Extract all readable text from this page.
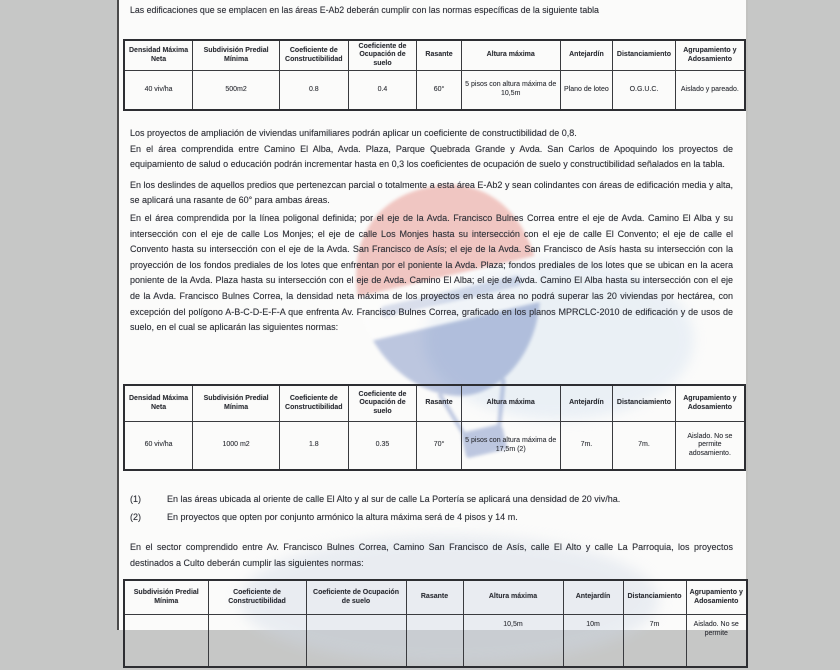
Las edificaciones que se emplacen en las áreas E-Ab2 deberán cumplir con las normas específicas de la siguiente tabla
Densidad Máxima Neta	Subdivisión Predial Mínima	Coeficiente de Constructibilidad	Coeficiente de Ocupación de suelo	Rasante	Altura máxima	Antejardín	Distanciamiento	Agrupamiento y Adosamiento
40 viv/ha	500m2	0.8	0.4	60°	5 pisos con altura máxima de 10,5m	Plano de loteo	O.G.U.C.	Aislado y pareado.
Los proyectos de ampliación de viviendas unifamiliares podrán aplicar un coeficiente de constructibilidad de 0,8.
En el área comprendida entre Camino El Alba, Avda. Plaza, Parque Quebrada Grande y Avda. San Carlos de Apoquindo los proyectos de equipamiento de salud o educación podrán incrementar hasta en 0,3 los coeficientes de ocupación de suelo y constructibilidad señalados en la tabla.
En los deslindes de aquellos predios que pertenezcan parcial o totalmente a esta área E-Ab2 y sean colindantes con áreas de edificación media y alta, se aplicará una rasante de 60° para ambas áreas.
En el área comprendida por la línea poligonal definida; por el eje de la Avda. Francisco Bulnes Correa entre el eje de Avda. Camino El Alba y su intersección con el eje de calle Los Monjes; el eje de calle Los Monjes hasta su intersección con el eje de calle El Convento; el eje de calle el Convento hasta su intersección con el eje de la Avda. San Francisco de Asís; el eje de la Avda. San Francisco de Asís hasta su intersección con la proyección de los fondos prediales de los lotes que enfrentan por el poniente la Avda. Plaza; fondos prediales de los lotes que se ubican en la acera poniente de la Avda. Plaza hasta su intersección con el eje de Avda. Camino El Alba; el eje de Avda. Camino El Alba hasta su intersección con el eje de la Avda. Francisco Bulnes Correa, la densidad neta máxima de los proyectos en esta área no podrá superar las 20 viviendas por hectárea, con excepción del polígono A-B-C-D-E-F-A que enfrenta Av. Francisco Bulnes Correa, graficado en los planos MPRCLC-2010 de edificación y de usos de suelo, en el cual se aplicarán las siguientes normas:
Densidad Máxima Neta	Subdivisión Predial Mínima	Coeficiente de Constructibilidad	Coeficiente de Ocupación de suelo	Rasante	Altura máxima	Antejardín	Distanciamiento	Agrupamiento y Adosamiento
60 viv/ha	1000 m2	1.8	0.35	70°	5 pisos con altura máxima de 17,5m (2)	7m.	7m.	Aislado. No se permite adosamiento.
(1)	En las áreas ubicada al oriente de calle El Alto y al sur de calle La Portería se aplicará una densidad de 20 viv/ha.
(2)	En proyectos que opten por conjunto armónico la altura máxima será de 4 pisos y 14 m.
En el sector comprendido entre Av. Francisco Bulnes Correa, Camino San Francisco de Asís, calle El Alto y calle La Parroquia, los proyectos destinados a Culto deberán cumplir las siguientes normas:
Subdivisión Predial Mínima	Coeficiente de Constructibilidad	Coeficiente de Ocupación de suelo	Rasante	Altura máxima	Antejardín	Distanciamiento	Agrupamiento y Adosamiento
				10,5m	10m	7m	Aislado. No se permite
